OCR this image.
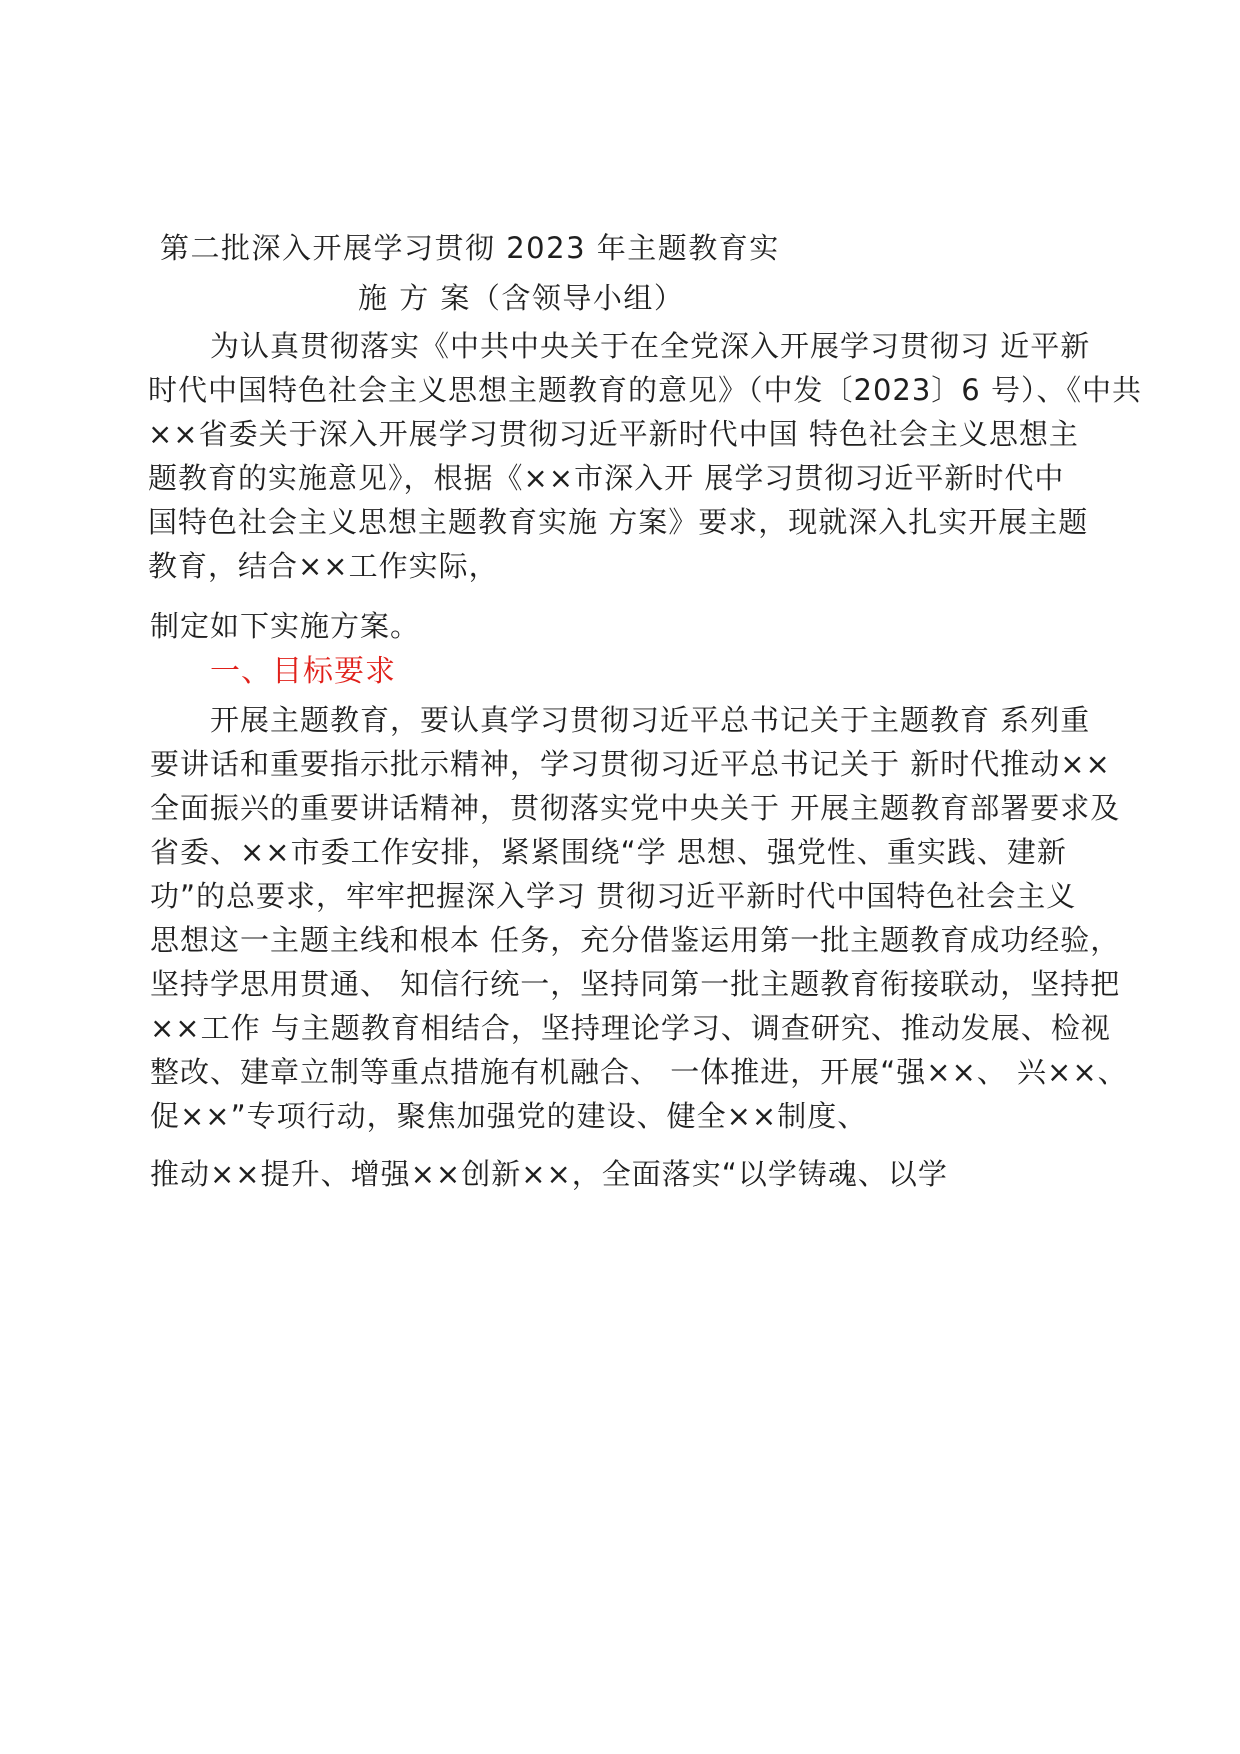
第二批深入开展学习贯彻 2023 年主题教育实
施 方 案（含领导小组）
为认真贯彻落实《中共中央关于在全党深入开展学习贯彻习 近平新
时代中国特色社会主义思想主题教育的意见》（中发〔2023〕6 号）、《中共
××省委关于深入开展学习贯彻习近平新时代中国 特色社会主义思想主
题教育的实施意见》，根据《××市深入开 展学习贯彻习近平新时代中
国特色社会主义思想主题教育实施 方案》要求，现就深入扎实开展主题
教育，结合××工作实际，
制定如下实施方案。
一、目标要求
开展主题教育，要认真学习贯彻习近平总书记关于主题教育 系列重
要讲话和重要指示批示精神，学习贯彻习近平总书记关于 新时代推动××
全面振兴的重要讲话精神，贯彻落实党中央关于 开展主题教育部署要求及
省委、××市委工作安排，紧紧围绕“学 思想、强党性、重实践、建新
功”的总要求，牢牢把握深入学习 贯彻习近平新时代中国特色社会主义
思想这一主题主线和根本 任务，充分借鉴运用第一批主题教育成功经验，
坚持学思用贯通、 知信行统一，坚持同第一批主题教育衔接联动，坚持把
××工作 与主题教育相结合，坚持理论学习、调查研究、推动发展、检视
整改、建章立制等重点措施有机融合、 一体推进，开展“强××、 兴××、
促××”专项行动，聚焦加强党的建设、健全××制度、
推动××提升、增强××创新××，全面落实“以学铸魂、以学
